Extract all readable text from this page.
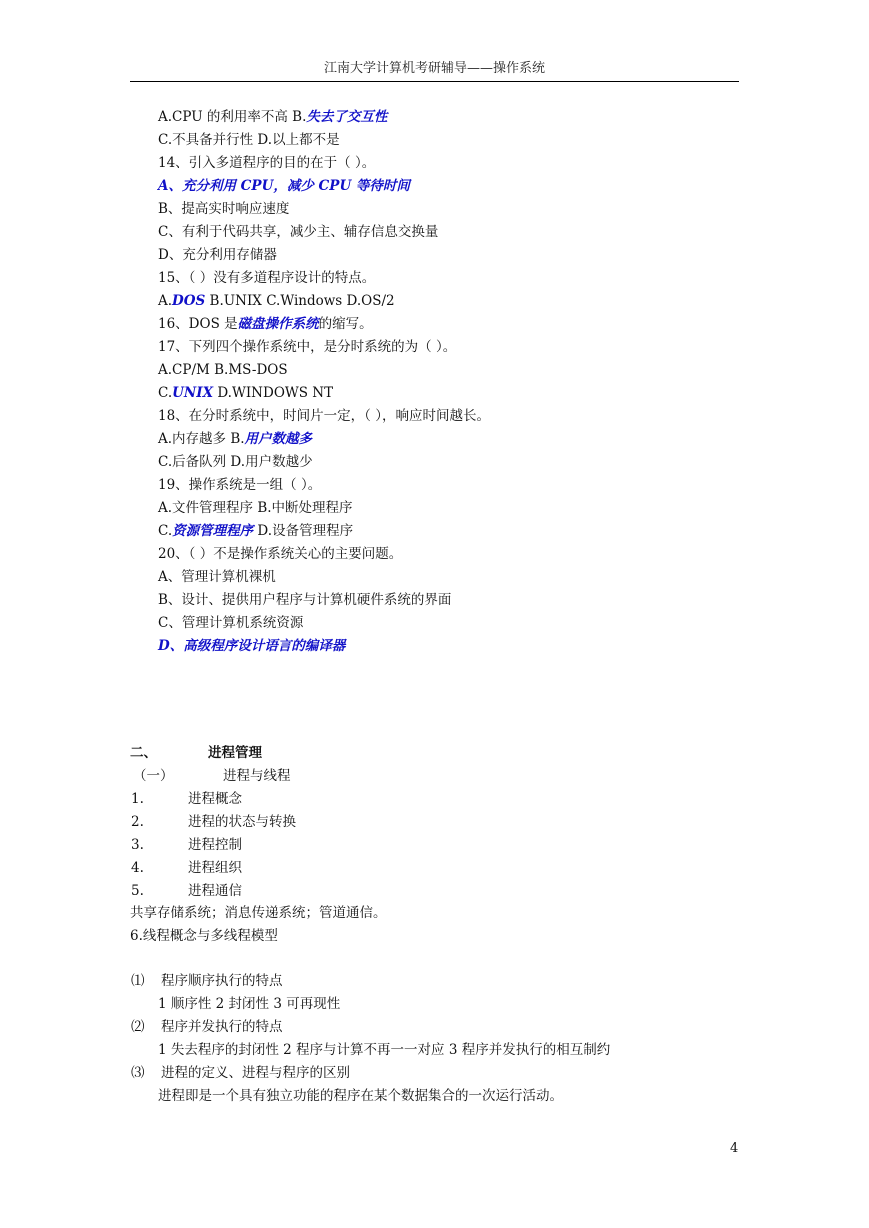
江南大学计算机考研辅导——操作系统
A.CPU 的利用率不高 B.失去了交互性
C.不具备并行性 D.以上都不是
14、引入多道程序的目的在于（ ）。
A、充分利用 CPU，减少 CPU 等待时间
B、提高实时响应速度
C、有利于代码共享，减少主、辅存信息交换量
D、充分利用存储器
15、（ ）没有多道程序设计的特点。
A.DOS B.UNIX C.Windows D.OS/2
16、DOS 是磁盘操作系统的缩写。
17、下列四个操作系统中，是分时系统的为（ ）。
A.CP/M B.MS-DOS
C.UNIX D.WINDOWS NT
18、在分时系统中，时间片一定，（ ），响应时间越长。
A.内存越多 B.用户数越多
C.后备队列 D.用户数越少
19、操作系统是一组（ ）。
A.文件管理程序 B.中断处理程序
C.资源管理程序 D.设备管理程序
20、（ ）不是操作系统关心的主要问题。
A、管理计算机裸机
B、设计、提供用户程序与计算机硬件系统的界面
C、管理计算机系统资源
D、高级程序设计语言的编译器
二、	进程管理
（一）	进程与线程
1.	进程概念
2.	进程的状态与转换
3.	进程控制
4.	进程组织
5.	进程通信
共享存储系统；消息传递系统；管道通信。
6.线程概念与多线程模型
⑴ 程序顺序执行的特点
1 顺序性 2 封闭性 3 可再现性
⑵ 程序并发执行的特点
1 失去程序的封闭性 2 程序与计算不再一一对应 3 程序并发执行的相互制约
⑶ 进程的定义、进程与程序的区别
进程即是一个具有独立功能的程序在某个数据集合的一次运行活动。
4
